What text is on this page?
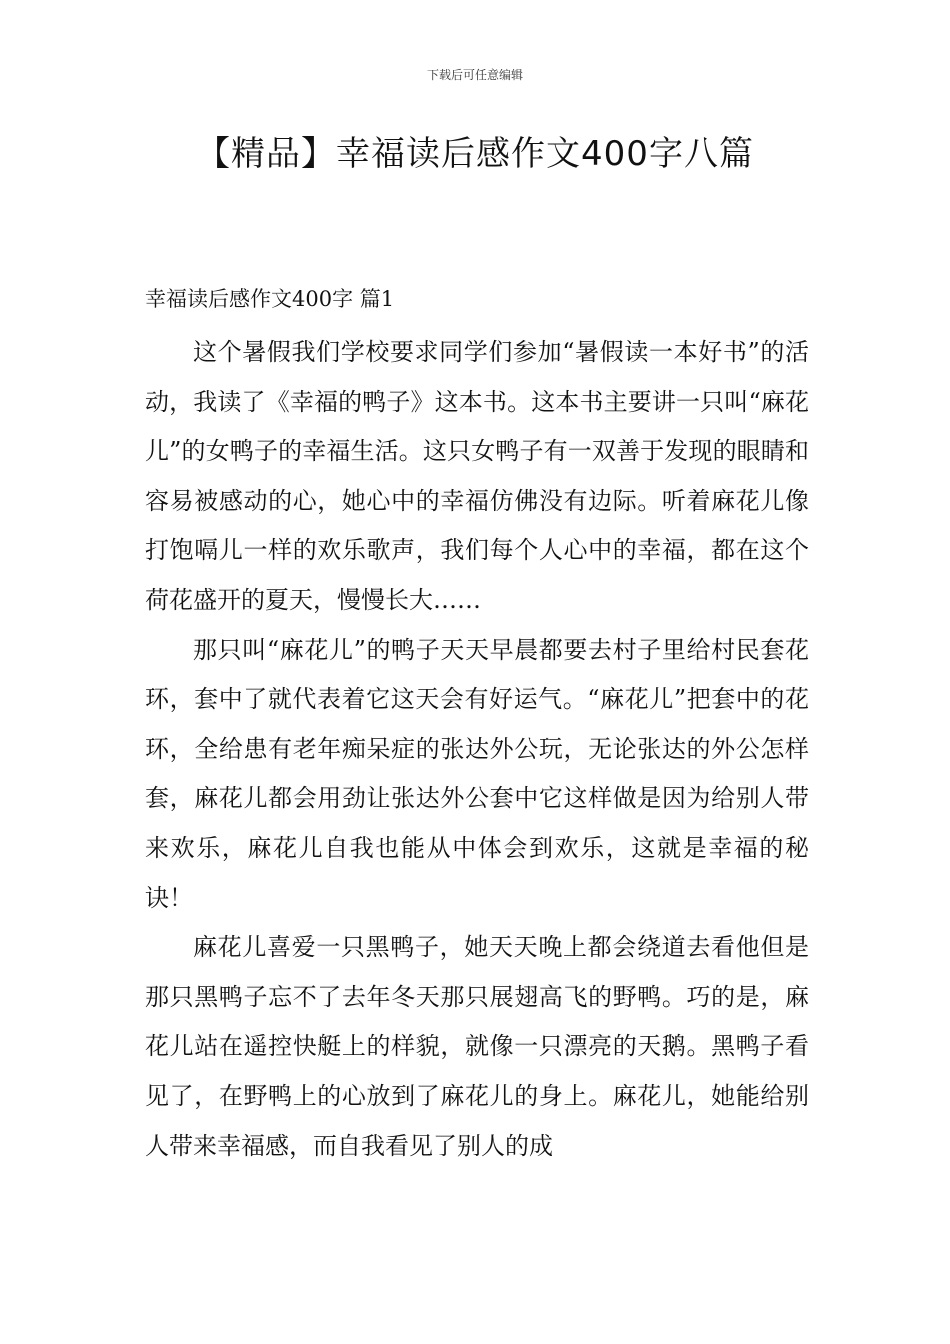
下载后可任意编辑
【精品】幸福读后感作文400字八篇
幸福读后感作文400字 篇1

这个暑假我们学校要求同学们参加“暑假读一本好书”的活动，我读了《幸福的鸭子》这本书。这本书主要讲一只叫“麻花儿”的女鸭子的幸福生活。这只女鸭子有一双善于发现的眼睛和容易被感动的心，她心中的幸福仿佛没有边际。听着麻花儿像打饱嗝儿一样的欢乐歌声，我们每个人心中的幸福，都在这个荷花盛开的夏天，慢慢长大……

那只叫“麻花儿”的鸭子天天早晨都要去村子里给村民套花环，套中了就代表着它这天会有好运气。“麻花儿”把套中的花环，全给患有老年痴呆症的张达外公玩，无论张达的外公怎样套，麻花儿都会用劲让张达外公套中它这样做是因为给别人带来欢乐，麻花儿自我也能从中体会到欢乐，这就是幸福的秘诀！

麻花儿喜爱一只黑鸭子，她天天晚上都会绕道去看他但是那只黑鸭子忘不了去年冬天那只展翅高飞的野鸭。巧的是，麻花儿站在遥控快艇上的样貌，就像一只漂亮的天鹅。黑鸭子看见了，在野鸭上的心放到了麻花儿的身上。麻花儿，她能给别人带来幸福感，而自我看见了别人的成
